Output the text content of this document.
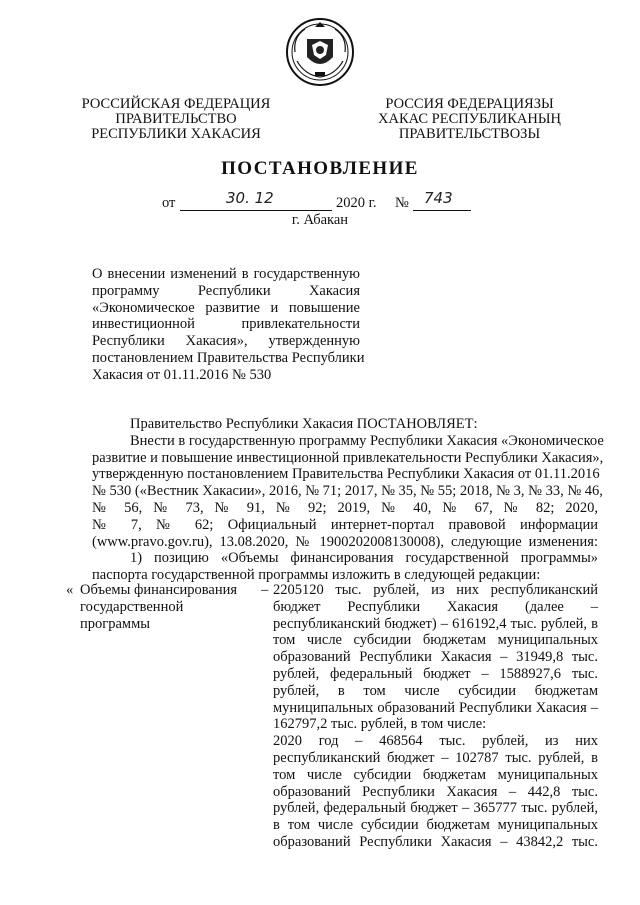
РОССИЙСКАЯ ФЕДЕРАЦИЯ
ПРАВИТЕЛЬСТВО
РЕСПУБЛИКИ ХАКАСИЯ
РОССИЯ ФЕДЕРАЦИЯЗЫ
ХАКАС РЕСПУБЛИКАНЫҢ
ПРАВИТЕЛЬСТВОЗЫ
ПОСТАНОВЛЕНИЕ
от	30. 12	2020 г. № 743
г. Абакан
О внесении изменений в государственную
программу Республики Хакасия
«Экономическое развитие и повышение
инвестиционной привлекательности
Республики Хакасия», утвержденную
постановлением Правительства Республики
Хакасия от 01.11.2016 № 530

Правительство Республики Хакасия ПОСТАНОВЛЯЕТ:

Внести в государственную программу Республики Хакасия «Экономическое
развитие и повышение инвестиционной привлекательности Республики Хакасия»,
утвержденную постановлением Правительства Республики Хакасия от 01.11.2016
№ 530 («Вестник Хакасии», 2016, № 71; 2017, № 35, № 55; 2018, № 3, № 33, № 46,
№ 56, № 73, № 91, № 92; 2019, № 40, № 67, № 82; 2020,
№ 7, № 62; Официальный интернет-портал правовой информации
(www.pravo.gov.ru), 13.08.2020, № 1900202008130008), следующие изменения:
1) позицию «Объемы финансирования государственной программы»
паспорта государственной программы изложить в следующей редакции:
« Объемы финансирования
государственной
программы
– 2205120 тыс. рублей, из них республиканский
бюджет Республики Хакасия (далее –
республиканский бюджет) – 616192,4 тыс. рублей, в
том числе субсидии бюджетам муниципальных
образований Республики Хакасия – 31949,8 тыс.
рублей, федеральный бюджет – 1588927,6 тыс.
рублей, в том числе субсидии бюджетам
муниципальных образований Республики Хакасия –
162797,2 тыс. рублей, в том числе:
2020 год – 468564 тыс. рублей, из них
республиканский бюджет – 102787 тыс. рублей, в
том числе субсидии бюджетам муниципальных
образований Республики Хакасия – 442,8 тыс.
рублей, федеральный бюджет – 365777 тыс. рублей,
в том числе субсидии бюджетам муниципальных
образований Республики Хакасия – 43842,2 тыс.
